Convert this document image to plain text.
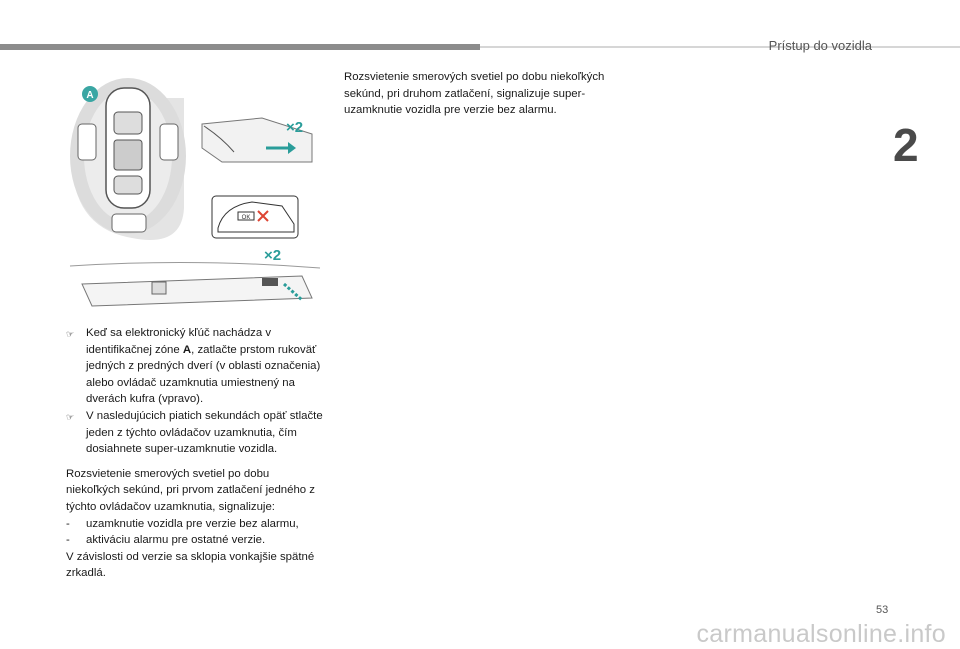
Prístup do vozidla
2
A
×2
OK
×2
☞	Keď sa elektronický kľúč nachádza v identifikačnej zóne A, zatlačte prstom rukoväť jedných z predných dverí (v oblasti označenia) alebo ovládač uzamknutia umiestnený na dverách kufra (vpravo).
☞	V nasledujúcich piatich sekundách opäť stlačte jeden z týchto ovládačov uzamknutia, čím dosiahnete super-uzamknutie vozidla.
Rozsvietenie smerových svetiel po dobu niekoľkých sekúnd, pri prvom zatlačení jedného z týchto ovládačov uzamknutia, signalizuje:
-	uzamknutie vozidla pre verzie bez alarmu,
-	aktiváciu alarmu pre ostatné verzie.
V závislosti od verzie sa sklopia vonkajšie spätné zrkadlá.
Rozsvietenie smerových svetiel po dobu niekoľkých sekúnd, pri druhom zatlačení, signalizuje super-uzamknutie vozidla pre verzie bez alarmu.
53
carmanualsonline.info
